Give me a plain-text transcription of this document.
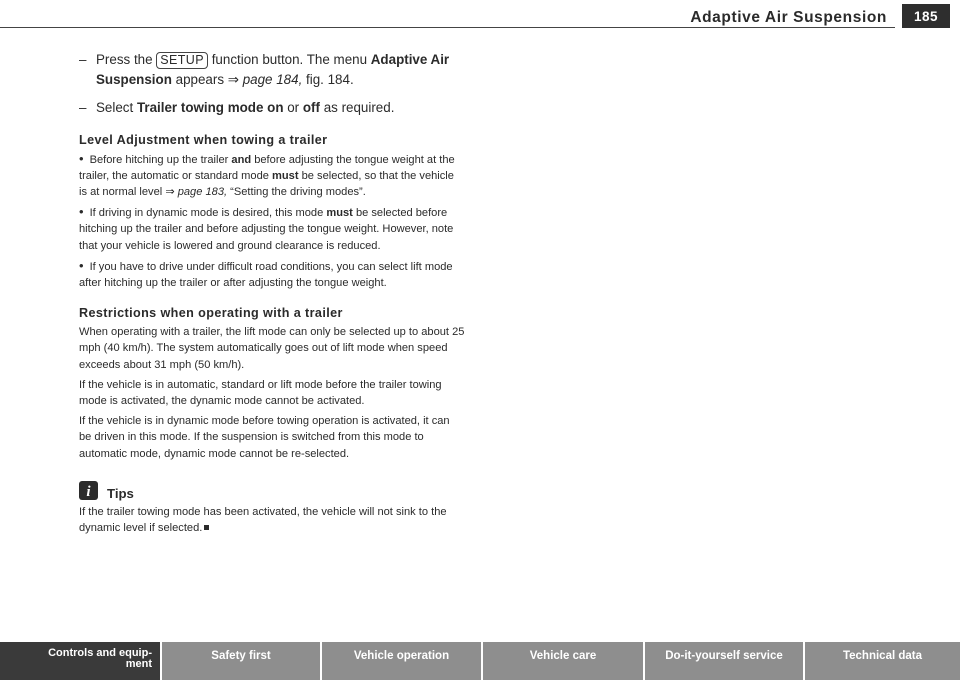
Adaptive Air Suspension	185
– Press the SETUP function button. The menu Adaptive Air Suspension appears ⇒ page 184, fig. 184.
– Select Trailer towing mode on or off as required.
Level Adjustment when towing a trailer

• Before hitching up the trailer and before adjusting the tongue weight at the trailer, the automatic or standard mode must be selected, so that the vehicle is at normal level ⇒ page 183, “Setting the driving modes”.

• If driving in dynamic mode is desired, this mode must be selected before hitching up the trailer and before adjusting the tongue weight. However, note that your vehicle is lowered and ground clearance is reduced.

• If you have to drive under difficult road conditions, you can select lift mode after hitching up the trailer or after adjusting the tongue weight.

Restrictions when operating with a trailer

When operating with a trailer, the lift mode can only be selected up to about 25 mph (40 km/h). The system automatically goes out of lift mode when speed exceeds about 31 mph (50 km/h).

If the vehicle is in automatic, standard or lift mode before the trailer towing mode is activated, the dynamic mode cannot be activated.

If the vehicle is in dynamic mode before towing operation is activated, it can be driven in this mode. If the suspension is switched from this mode to automatic mode, dynamic mode cannot be re-selected.

i Tips

If the trailer towing mode has been activated, the vehicle will not sink to the dynamic level if selected.

Controls and equip-
ment
Safety first	Vehicle operation	Vehicle care	Do-it-yourself service	Technical data
